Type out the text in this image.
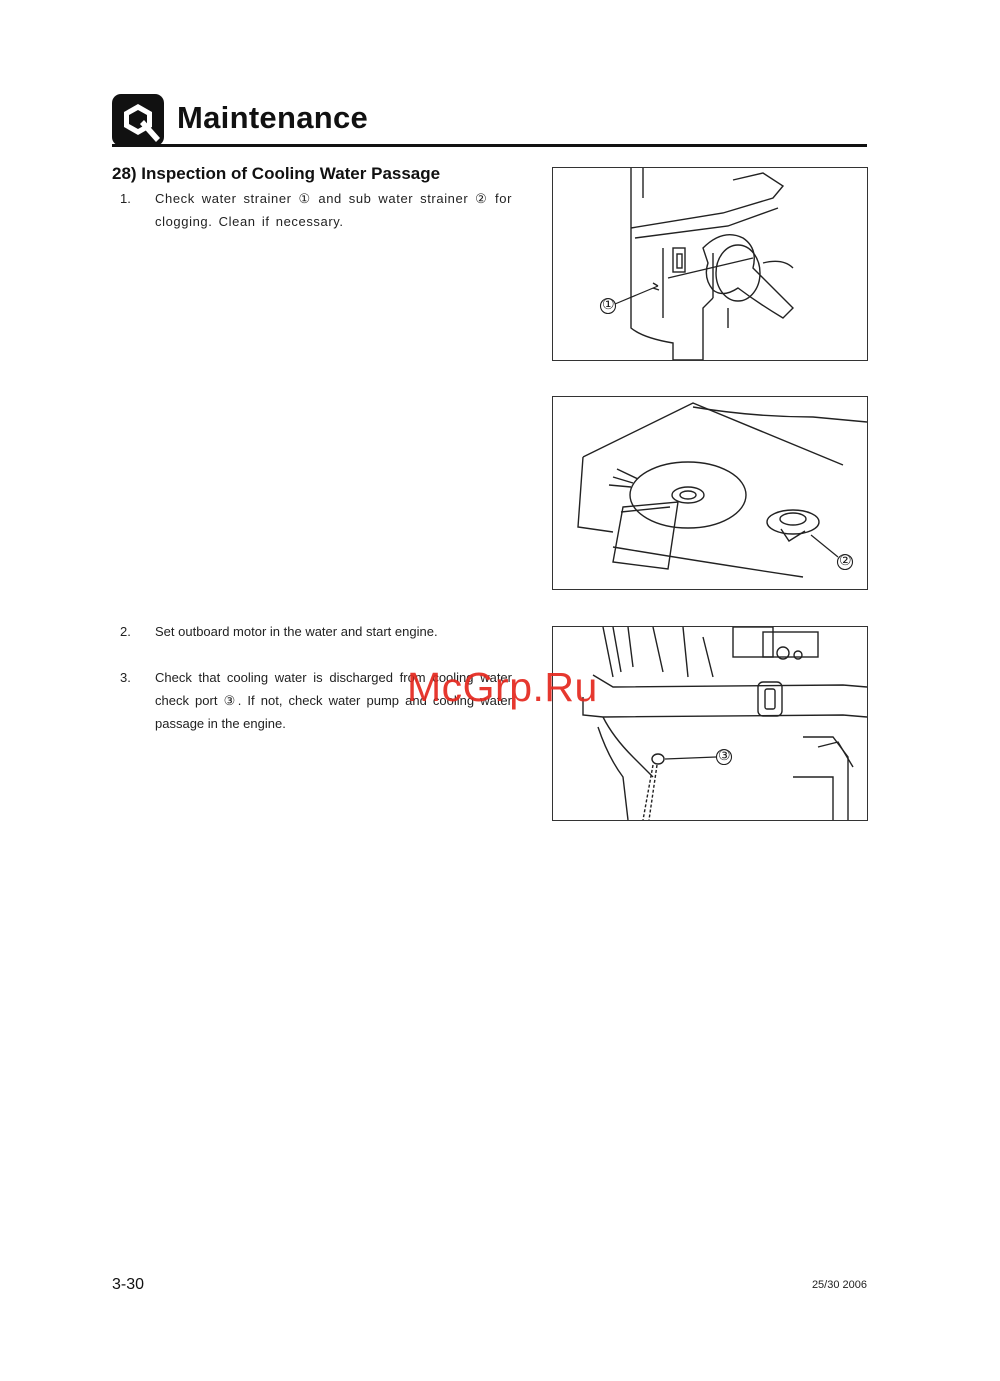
Maintenance
28) Inspection of Cooling Water Passage
1. Check water strainer ① and sub water strainer ② for clogging. Clean if necessary.
2. Set outboard motor in the water and start engine.
3. Check that cooling water is discharged from cooling water check port ③. If not, check water pump and cooling water passage in the engine.
①
②
③
McGrp.Ru
3-30	25/30 2006
